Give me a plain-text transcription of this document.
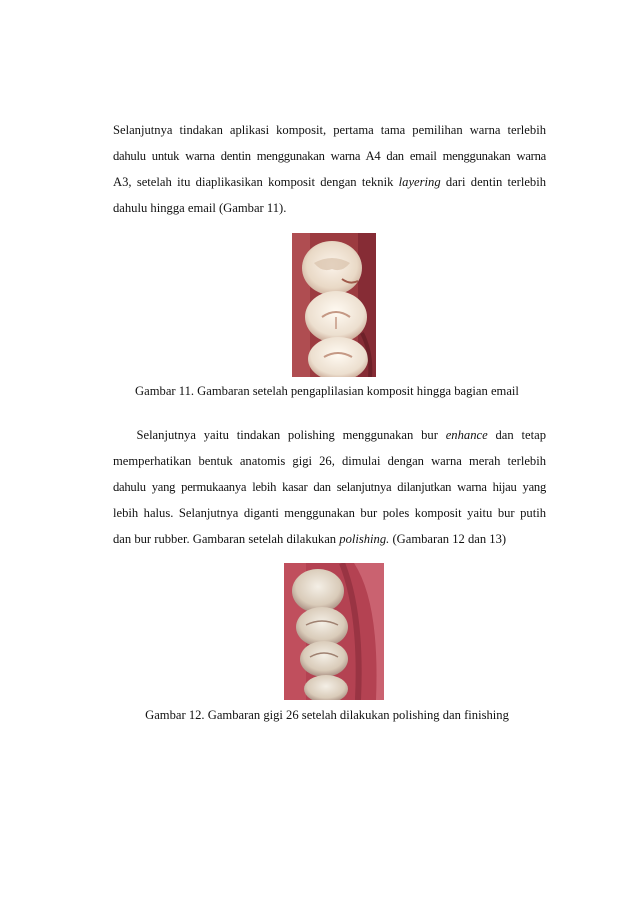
Selanjutnya tindakan aplikasi komposit, pertama tama pemilihan warna terlebih
dahulu untuk warna dentin menggunakan warna A4 dan email menggunakan warna
A3, setelah itu diaplikasikan komposit dengan teknik layering dari dentin terlebih
dahulu hingga email (Gambar 11).
Gambar 11. Gambaran setelah pengaplilasian komposit hingga bagian email
Selanjutnya yaitu tindakan polishing menggunakan bur enhance dan tetap
memperhatikan bentuk anatomis gigi 26, dimulai dengan warna merah terlebih
dahulu yang permukaanya lebih kasar dan selanjutnya dilanjutkan warna hijau yang
lebih halus. Selanjutnya diganti menggunakan bur poles komposit yaitu bur putih
dan bur rubber. Gambaran setelah dilakukan polishing. (Gambaran 12 dan 13)
Gambar 12. Gambaran gigi 26 setelah dilakukan polishing dan finishing
